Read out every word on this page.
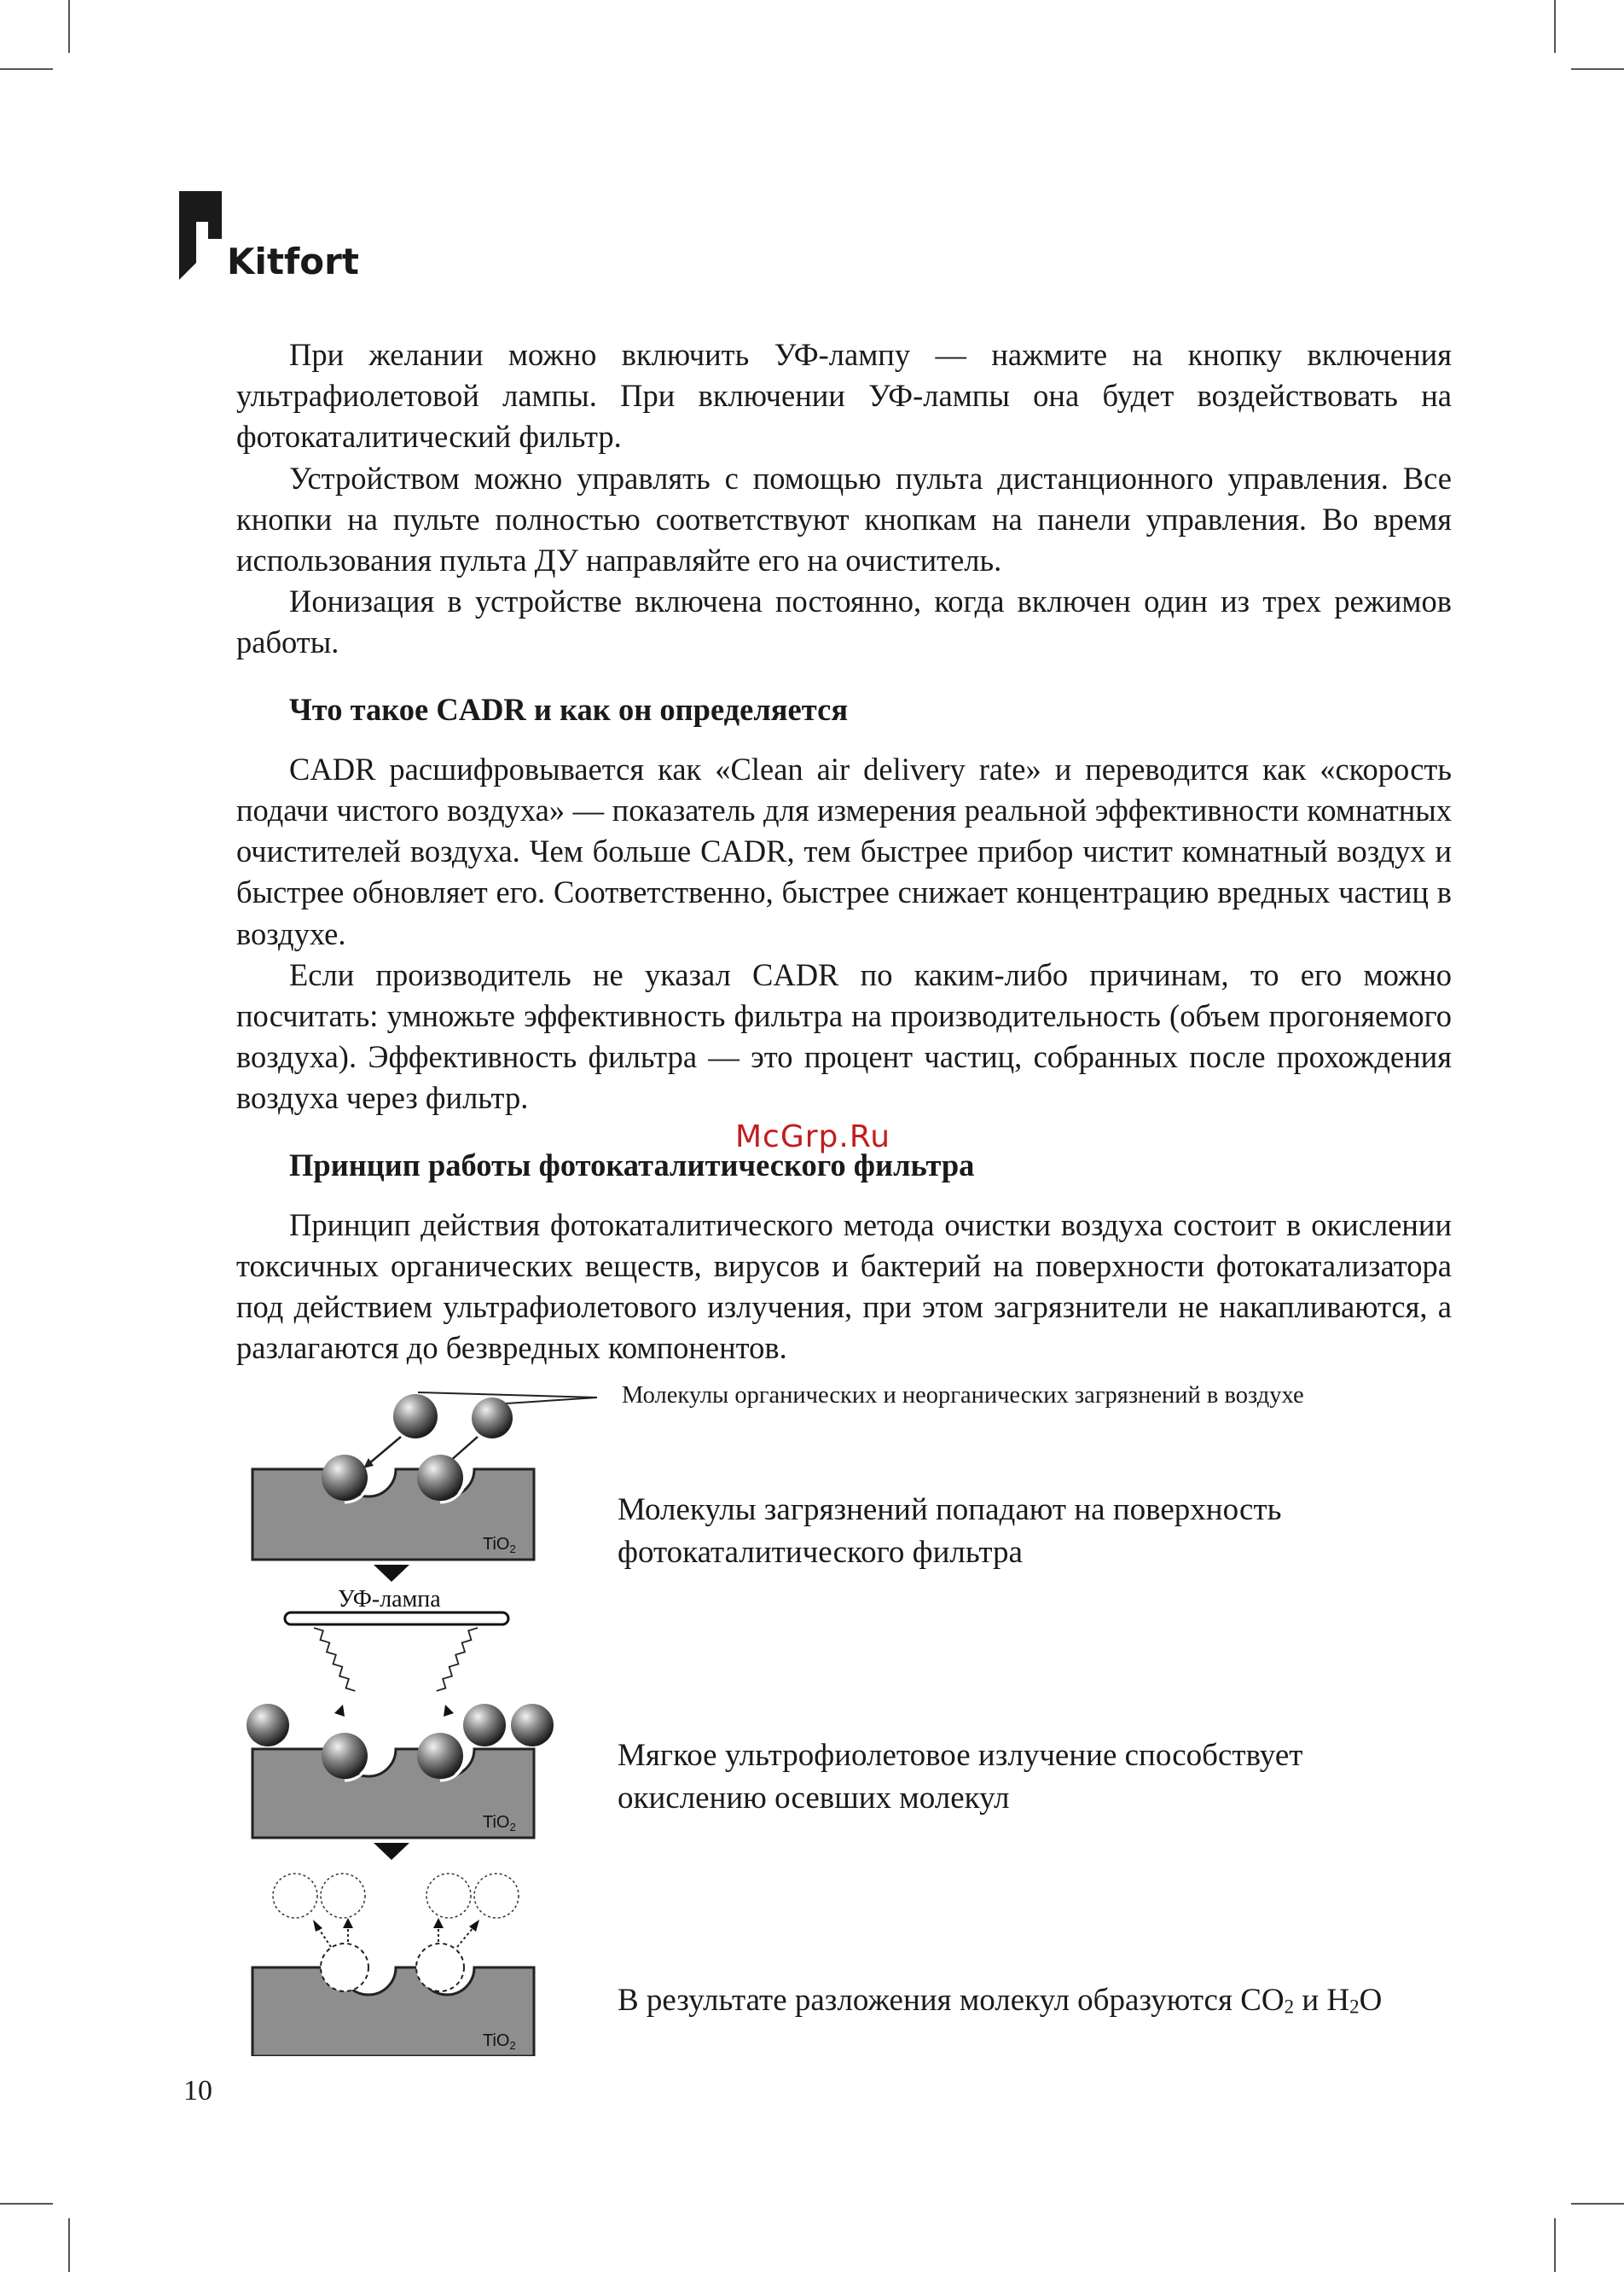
Kitfort

При желании можно включить УФ-лампу — нажмите на кнопку включения ультрафиолетовой лампы. При включении УФ-лампы она будет воздействовать на фотокаталитический фильтр.

Устройством можно управлять с помощью пульта дистанционного управления. Все кнопки на пульте полностью соответствуют кнопкам на панели управления. Во время использования пульта ДУ направляйте его на очиститель.

Ионизация в устройстве включена постоянно, когда включен один из трех режимов работы.

Что такое CADR и как он определяется

CADR расшифровывается как «Clean air delivery rate» и переводится как «скорость подачи чистого воздуха» — показатель для измерения реальной эффективности комнатных очистителей воздуха. Чем больше CADR, тем быстрее прибор чистит комнатный воздух и быстрее обновляет его. Соответственно, быстрее снижает концентрацию вредных частиц в воздухе.

Если производитель не указал CADR по каким-либо причинам, то его можно посчитать: умножьте эффективность фильтра на производительность (объем прогоняемого воздуха). Эффективность фильтра — это процент частиц, собранных после прохождения воздуха через фильтр.

Принцип работы фотокаталитического фильтра

Принцип действия фотокаталитического метода очистки воздуха состоит в окислении токсичных органических веществ, вирусов и бактерий на поверхности фотокатализатора под действием ультрафиолетового излучения, при этом загрязнители не накапливаются, а разлагаются до безвредных компонентов.

McGrp.Ru
TiO$_2$
УФ-лампа
TiO$_2$
TiO$_2$
Молекулы органических и неорганических загрязнений в воздухе
Молекулы загрязнений попадают на поверхность фотокаталитического фильтра
Мягкое ультрофиолетовое излучение способствует окислению осевших молекул
В результате разложения молекул образуются $CO_2$ и $H_2O$
10
